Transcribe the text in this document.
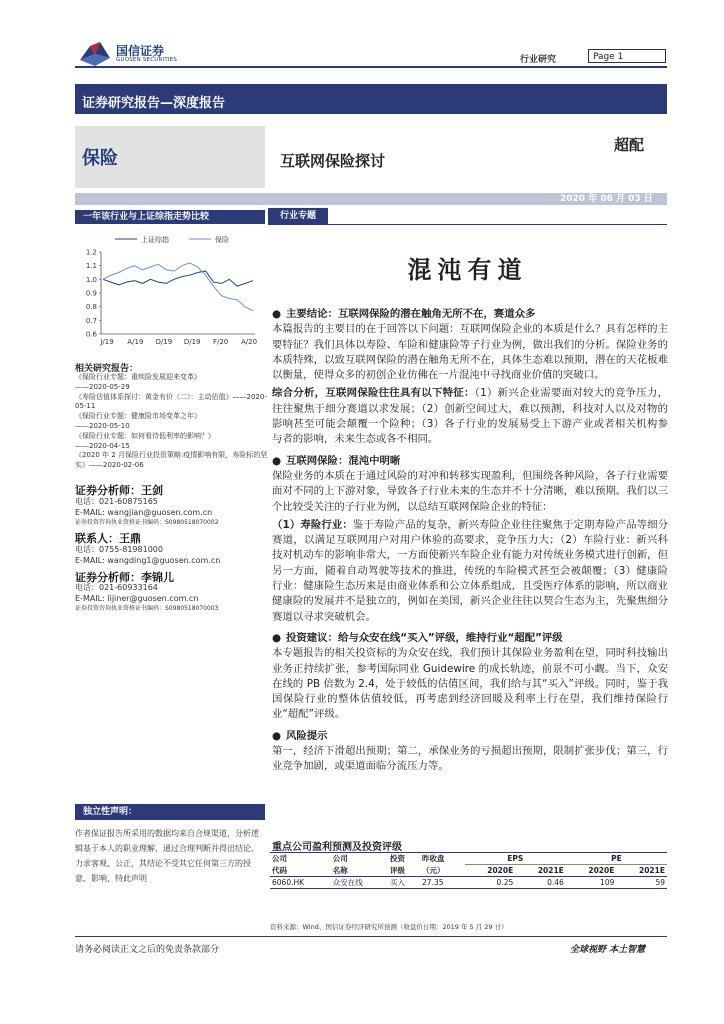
国信证券
GUOSEN SECURITIES	行业研究	Page 1
证券研究报告—深度报告
保险	互联网保险探讨
超配
2020 年 06 月 03 日
一年该行业与上证综指走势比较
1.2
1.1
1.0
0.9
0.8
0.7
0.6
J/19 A/19 O/19 D/19 F/20 A/20
上证综指	保险
相关研究报告：
《保险行业专题：重疾险发展迎来变革》
——2020-05-29
《寿险估值体系探讨：黄金有价（二）：主动估值》——2020-05-11
《保险行业专题：健康险市场变革之年》
——2020-05-10
《保险行业专题：如何看待低利率的影响？》
——2020-04-15
《2020 年 2 月保险行业投资策略:疫情影响有限，寿险标的坚实》——2020-02-06
证券分析师：王剑
电话：021-60875165
E-MAIL: wangjian@guosen.com.cn
证券投资咨询执业资格证书编码：S0980518070002
联系人：王鼎
电话：0755-81981000
E-MAIL: wangding1@guosen.com.cn
证券分析师：李锦儿
电话：021-60933164
E-MAIL: lijiner@guosen.com.cn
证券投资咨询执业资格证书编码：S0980518070003
独立性声明：
作者保证报告所采用的数据均来自合规渠道，分析逻辑基于本人的职业理解，通过合理判断并得出结论，力求客观、公正，其结论不受其它任何第三方的授意、影响，特此声明
行业专题
混沌有道
● 主要结论：互联网保险的潜在触角无所不在，赛道众多

本篇报告的主要目的在于回答以下问题：互联网保险企业的本质是什么？具有怎样的主要特征？我们具体以寿险、车险和健康险等子行业为例，做出我们的分析。保险业务的本质特殊，以致互联网保险的潜在触角无所不在，具体生态难以预期，潜在的天花板难以衡量，使得众多的初创企业仿佛在一片混沌中寻找商业价值的突破口。

综合分析，互联网保险往往具有以下特征：（1）新兴企业需要面对较大的竞争压力，往往聚焦于细分赛道以求发展；（2）创新空间过大，难以预测，科技对人以及对物的影响甚至可能会颠覆一个险种；（3）各子行业的发展易受上下游产业或者相关机构参与者的影响，未来生态或各不相同。

● 互联网保险：混沌中明晰

保险业务的本质在于通过风险的对冲和转移实现盈利，但围绕各种风险，各子行业需要面对不同的上下游对象，导致各子行业未来的生态并不十分清晰，难以预期。我们以三个比较受关注的子行业为例，以总结互联网保险企业的特征：

（1）寿险行业：鉴于寿险产品的复杂，新兴寿险企业往往聚焦于定期寿险产品等细分赛道，以满足互联网用户对用户体验的高要求，竞争压力大；（2）车险行业：新兴科技对机动车的影响非常大，一方面使新兴车险企业有能力对传统业务模式进行创新，但另一方面，随着自动驾驶等技术的推进，传统的车险模式甚至会被颠覆；（3）健康险行业：健康险生态历来是由商业体系和公立体系组成，且受医疗体系的影响，所以商业健康险的发展并不是独立的，例如在美国，新兴企业往往以契合生态为主，先聚焦细分赛道以寻求突破机会。

● 投资建议：给与众安在线“买入”评级，维持行业“超配”评级

本专题报告的相关投资标的为众安在线，我们预计其保险业务盈利在望，同时科技输出业务正持续扩张，参考国际同业 Guidewire 的成长轨迹，前景不可小觑。当下，众安在线的 PB 倍数为 2.4，处于较低的估值区间，我们给与其“买入”评级。同时，鉴于我国保险行业的整体估值较低，再考虑到经济回暖及利率上行在望，我们维持保险行业“超配”评级。

● 风险提示

第一，经济下滑超出预期；第二，承保业务的亏损超出预期，限制扩张步伐；第三，行业竞争加剧，或渠道面临分流压力等。

重点公司盈利预测及投资评级
公司	公司	投资	昨收盘	EPS		PE	
代码	名称	评级	（元）	2020E	2021E	2020E	2021E
6060.HK	众安在线	买入	27.35	0.25	0.46	109	59
资料来源：Wind、国信证券经济研究所预测（收盘价日期：2019 年 5 月 29 日）
请务必阅读正文之后的免责条款部分	全球视野 本土智慧
